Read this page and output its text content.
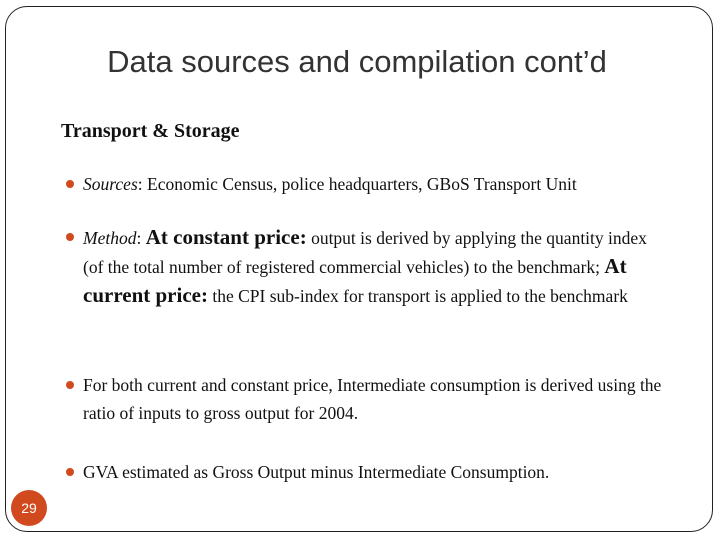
Data sources and compilation cont’d
Transport & Storage
Sources: Economic Census, police headquarters, GBoS Transport Unit
Method: At constant price: output is derived by applying the quantity index (of the total number of registered commercial vehicles) to the benchmark; At current price: the CPI sub-index for transport is applied to the benchmark
For both current and constant price, Intermediate consumption is derived using the ratio of inputs to gross output for 2004.
GVA estimated as Gross Output minus Intermediate Consumption.
29
